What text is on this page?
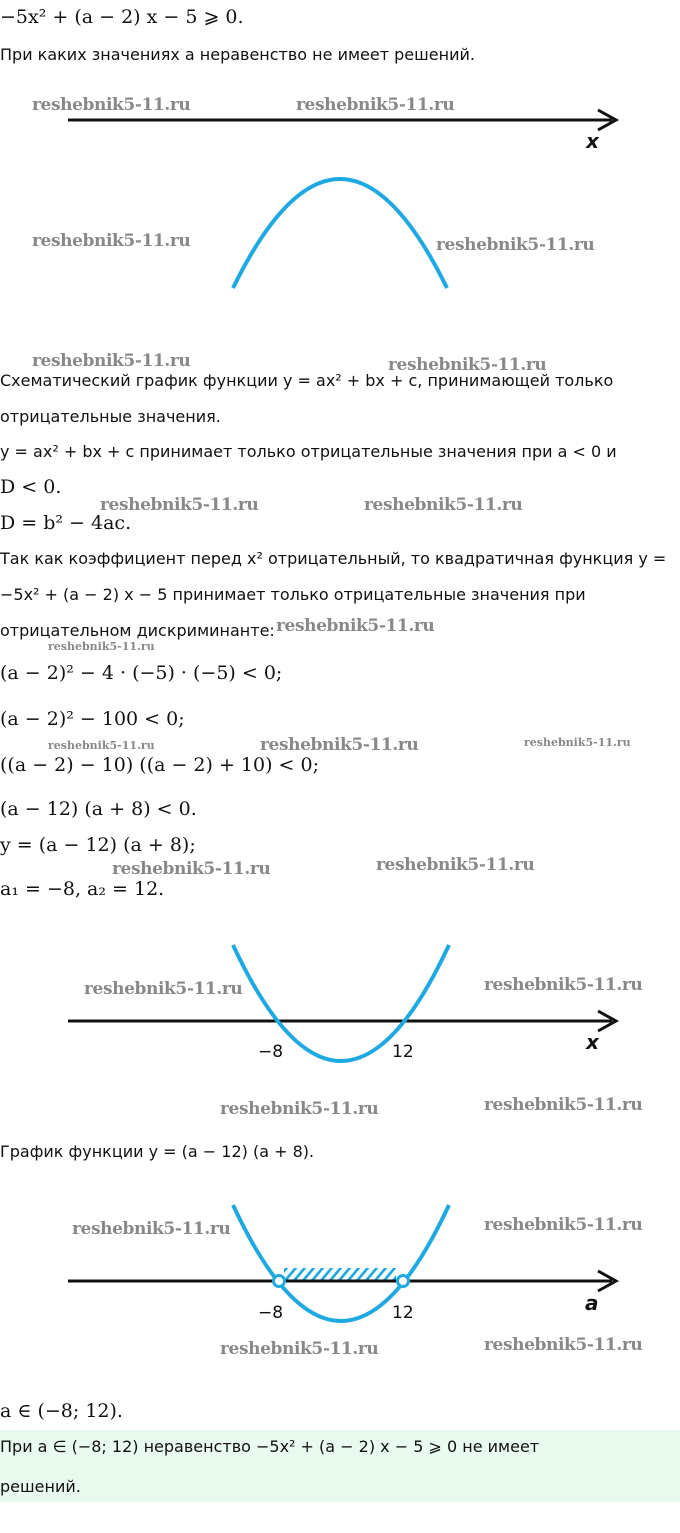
−5x² + (a − 2) x − 5 ⩾ 0.
При каких значениях a неравенство не имеет решений.
x
Схематический график функции y = ax² + bx + c, принимающей только
отрицательные значения.
y = ax² + bx + c принимает только отрицательные значения при a < 0 и
D < 0.
D = b² − 4ac.
Так как коэффициент перед x² отрицательный, то квадратичная функция y =
−5x² + (a − 2) x − 5 принимает только отрицательные значения при
отрицательном дискриминанте:
(a − 2)² − 4 · (−5) · (−5) < 0;
(a − 2)² − 100 < 0;
((a − 2) − 10) ((a − 2) + 10) < 0;
(a − 12) (a + 8) < 0.
y = (a − 12) (a + 8);
a₁ = −8, a₂ = 12.
−8	12	x
График функции y = (a − 12) (a + 8).
−8	12	a
a ∈ (−8; 12).
При a ∈ (−8; 12) неравенство −5x² + (a − 2) x − 5 ⩾ 0 не имеет
решений.
reshebnik5-11.ru	reshebnik5-11.ru
reshebnik5-11.ru	reshebnik5-11.ru
reshebnik5-11.ru	reshebnik5-11.ru
reshebnik5-11.ru	reshebnik5-11.ru
reshebnik5-11.ru
reshebnik5-11.ru
reshebnik5-11.ru	reshebnik5-11.ru	reshebnik5-11.ru
reshebnik5-11.ru	reshebnik5-11.ru
reshebnik5-11.ru	reshebnik5-11.ru
reshebnik5-11.ru	reshebnik5-11.ru
reshebnik5-11.ru	reshebnik5-11.ru
reshebnik5-11.ru	reshebnik5-11.ru
